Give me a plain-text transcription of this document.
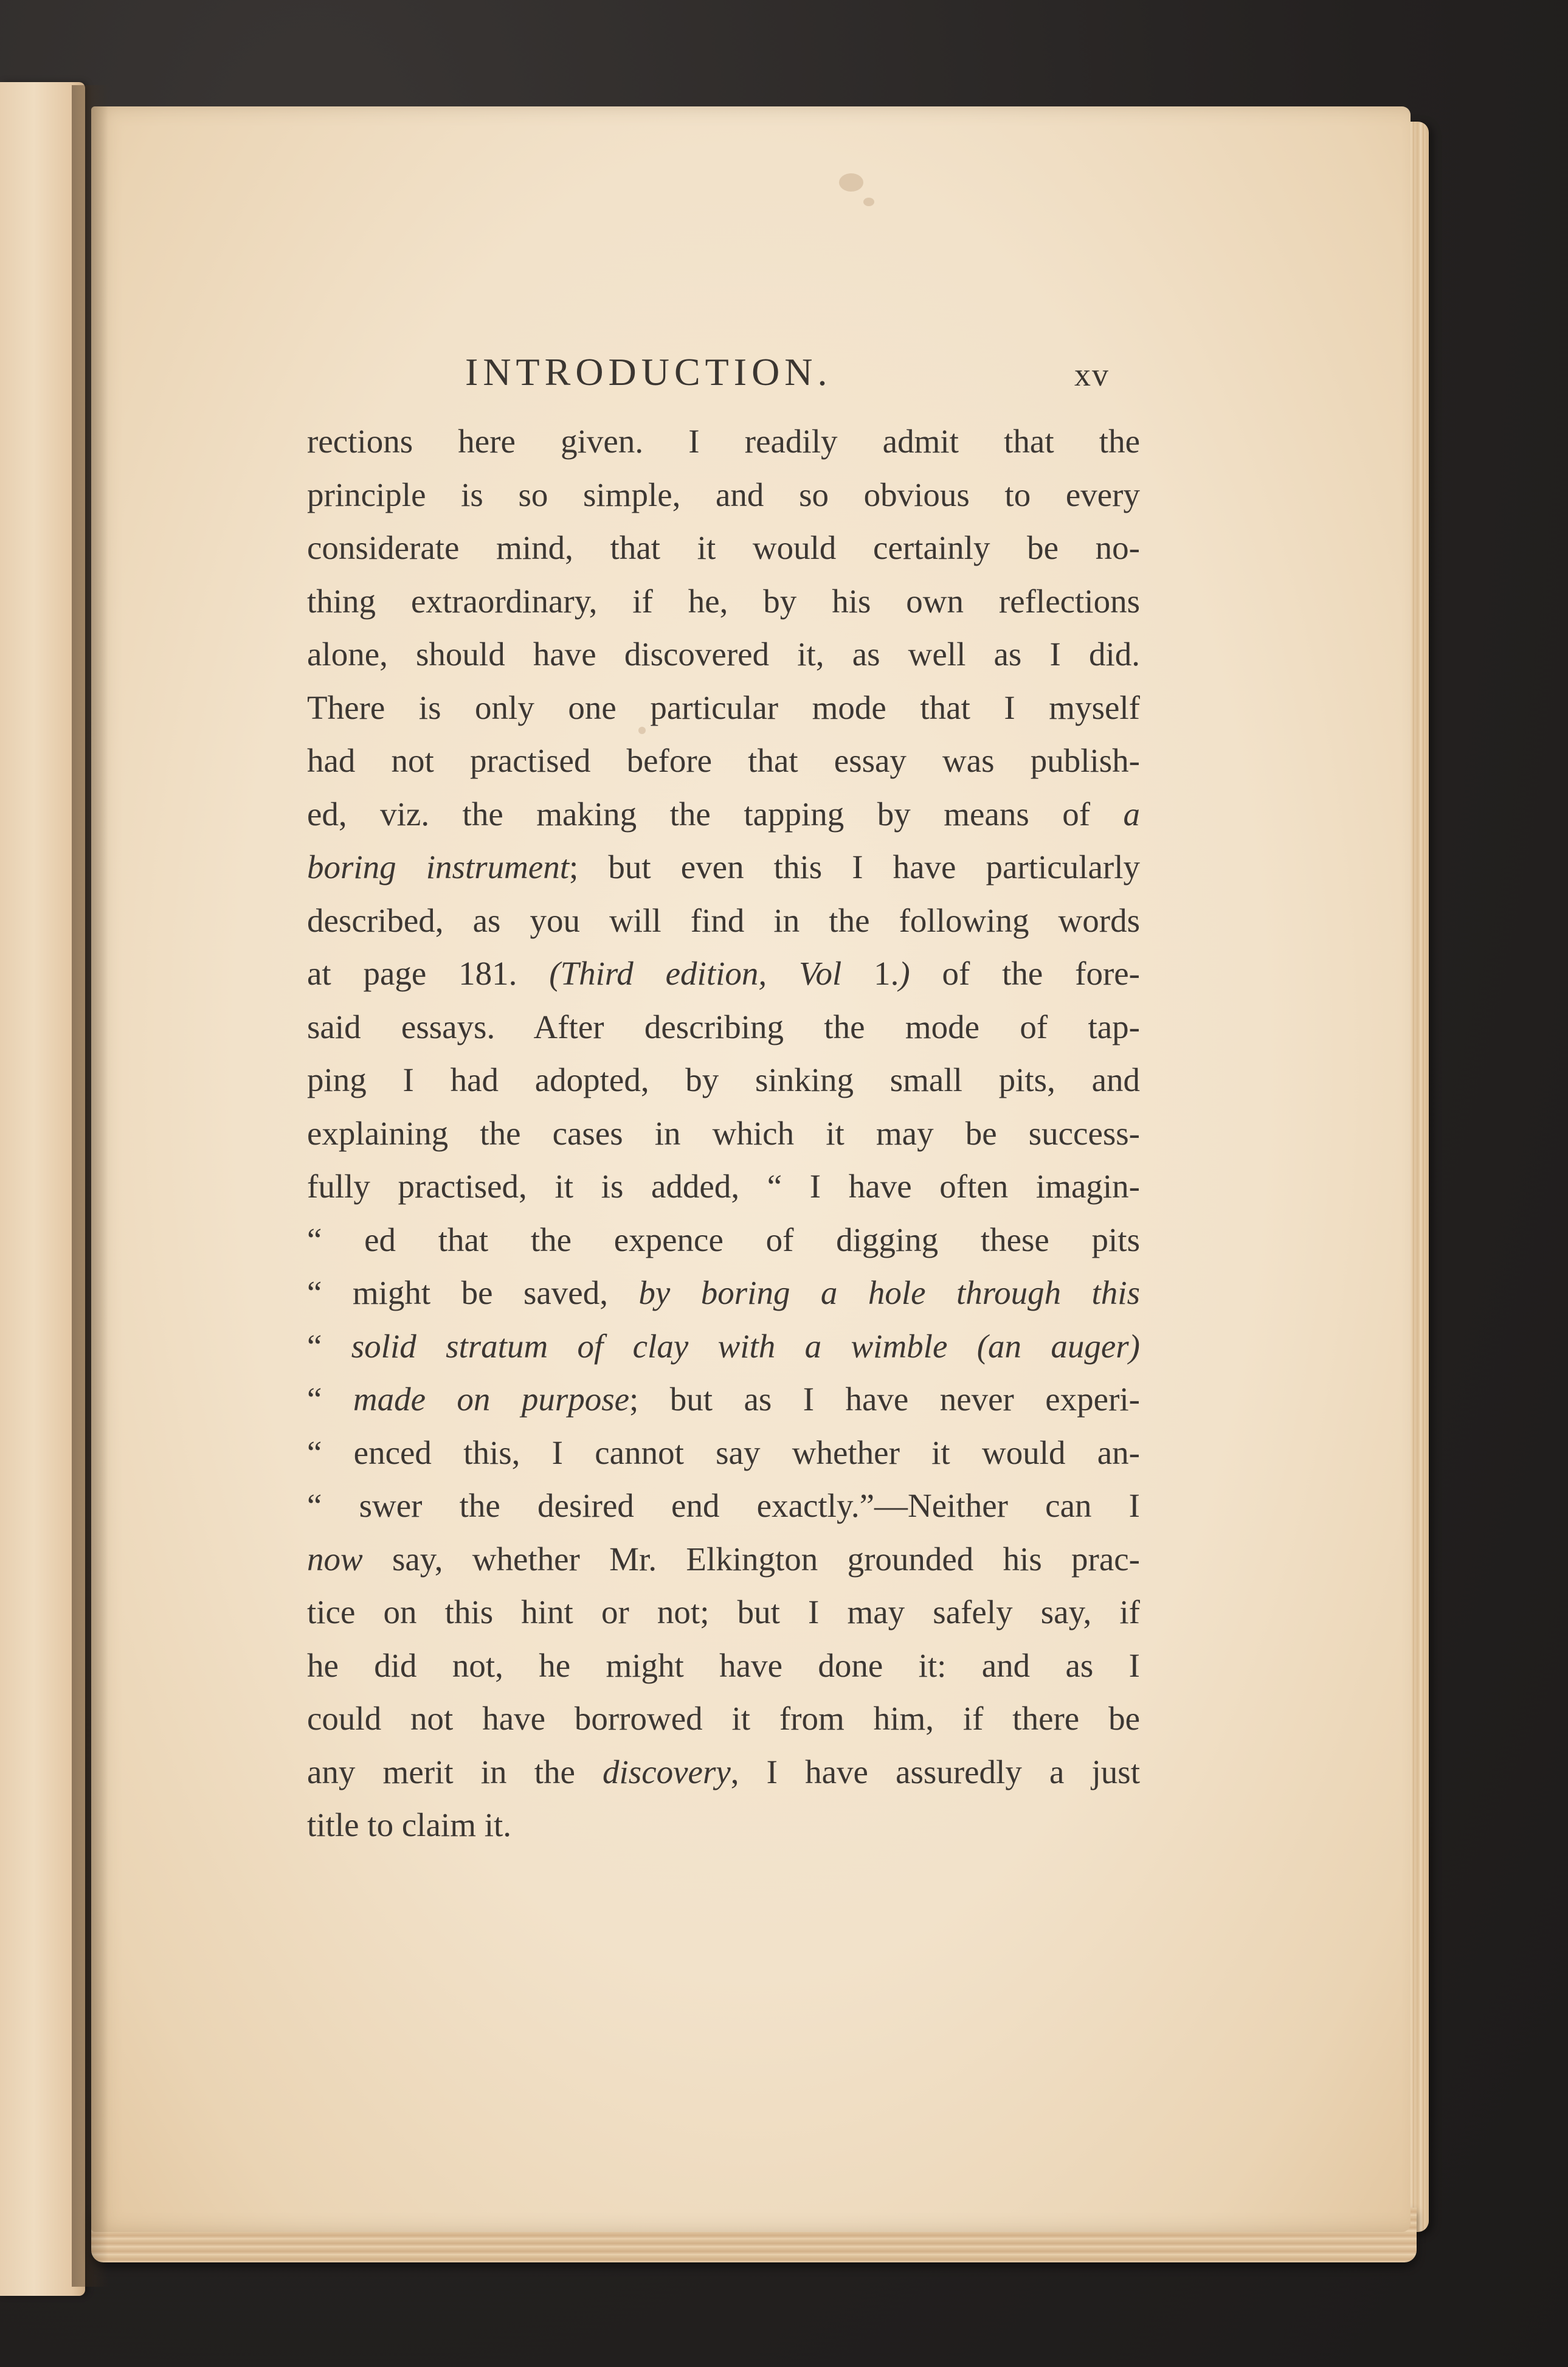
INTRODUCTION.	xv
rections here given. I readily admit that the
principle is so simple, and so obvious to every
considerate mind, that it would certainly be no-
thing extraordinary, if he, by his own reflections
alone, should have discovered it, as well as I did.
There is only one particular mode that I myself
had not practised before that essay was publish-
ed, viz. the making the tapping by means of a
boring instrument; but even this I have particularly
described, as you will find in the following words
at page 181. (Third edition, Vol 1.) of the fore-
said essays. After describing the mode of tap-
ping I had adopted, by sinking small pits, and
explaining the cases in which it may be success-
fully practised, it is added, “ I have often imagin-
“ ed that the expence of digging these pits
“ might be saved, by boring a hole through this
“ solid stratum of clay with a wimble (an auger)
“ made on purpose; but as I have never experi-
“ enced this, I cannot say whether it would an-
“ swer the desired end exactly.”—Neither can I
now say, whether Mr. Elkington grounded his prac-
tice on this hint or not; but I may safely say, if
he did not, he might have done it: and as I
could not have borrowed it from him, if there be
any merit in the discovery, I have assuredly a just
title to claim it.
